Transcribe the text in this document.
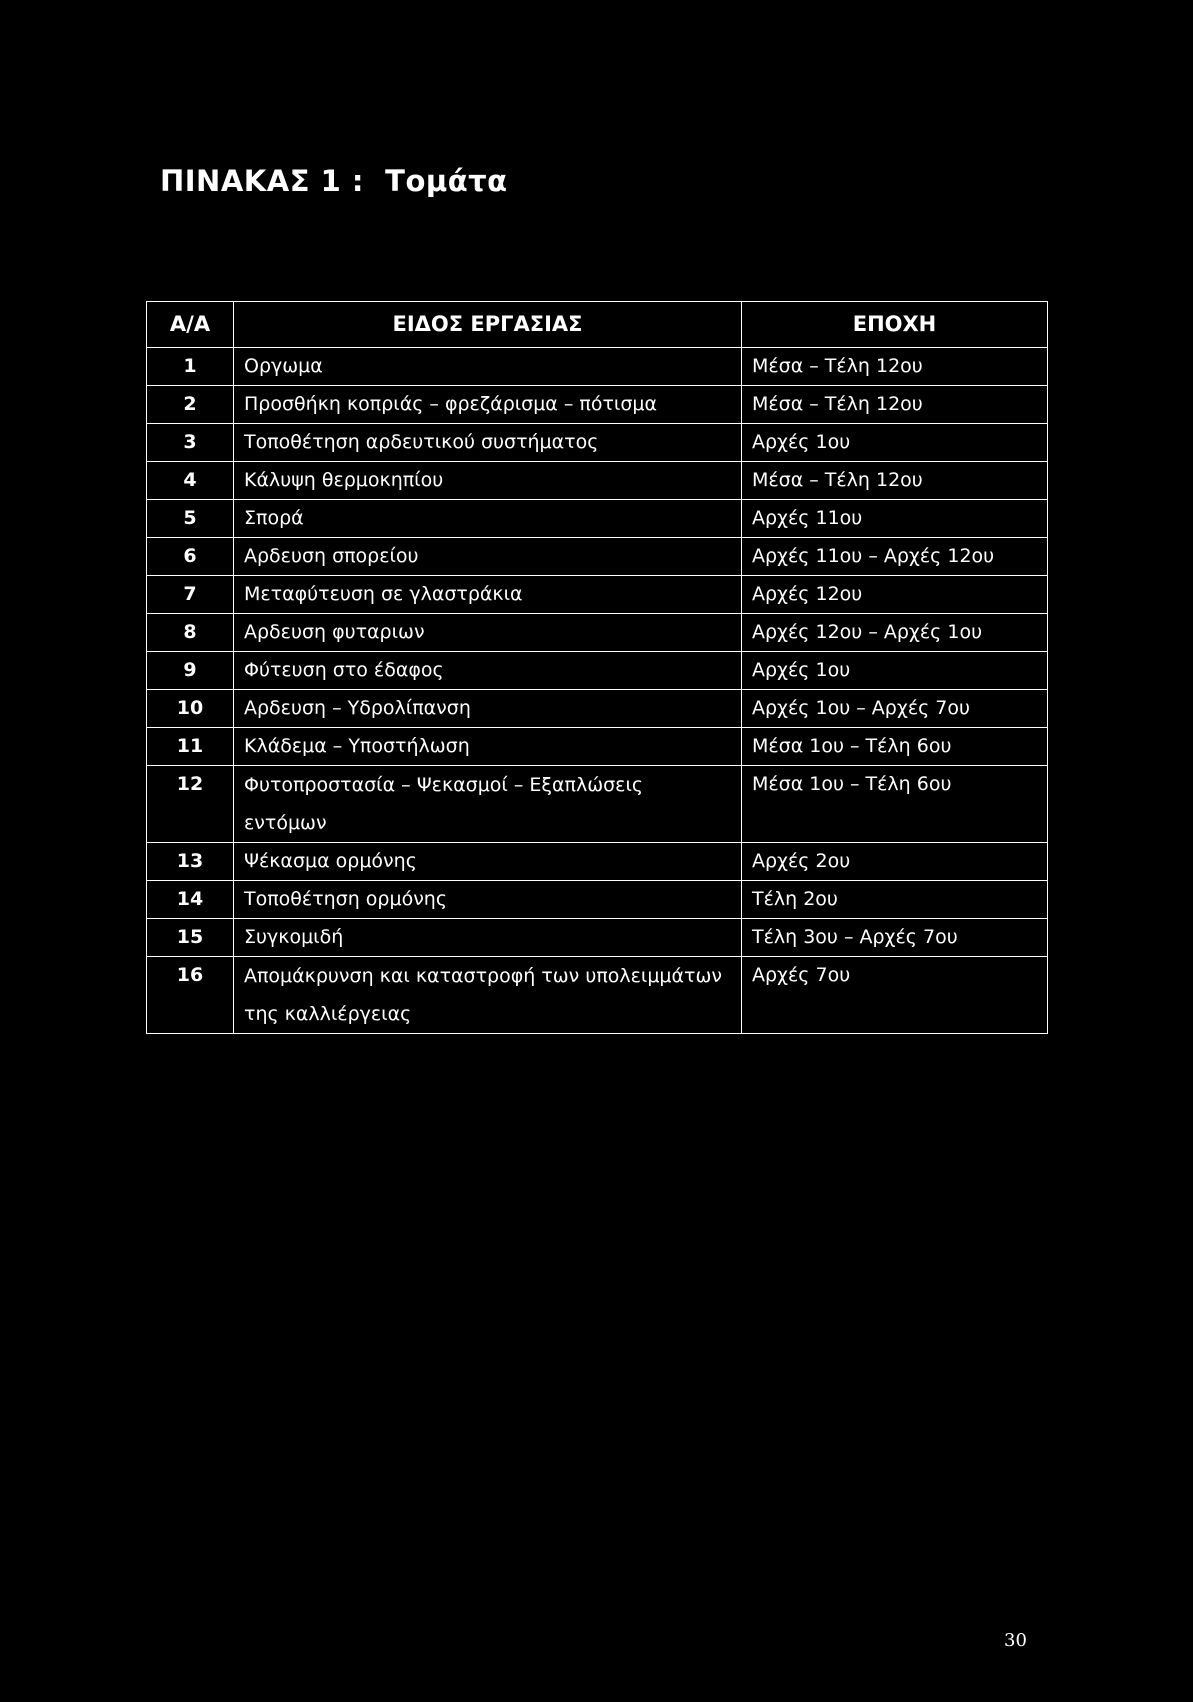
ΠΙΝΑΚΑΣ 1 :  Τομάτα
Α/Α	ΕΙΔΟΣ ΕΡΓΑΣΙΑΣ	ΕΠΟΧΗ
1	Οργωμα	Μέσα – Τέλη 12ου
2	Προσθήκη κοπριάς – φρεζάρισμα – πότισμα	Μέσα – Τέλη 12ου
3	Τοποθέτηση αρδευτικού συστήματος	Αρχές 1ου
4	Κάλυψη θερμοκηπίου	Μέσα – Τέλη 12ου
5	Σπορά	Αρχές 11ου
6	Αρδευση σπορείου	Αρχές 11ου – Αρχές 12ου
7	Μεταφύτευση σε γλαστράκια	Αρχές 12ου
8	Αρδευση φυταριων	Αρχές 12ου – Αρχές 1ου
9	Φύτευση στο έδαφος	Αρχές 1ου
10	Αρδευση – Υδρολίπανση	Αρχές 1ου – Αρχές 7ου
11	Κλάδεμα – Υποστήλωση	Μέσα 1ου – Τέλη 6ου
12	Φυτοπροστασία – Ψεκασμοί – Εξαπλώσεις εντόμων	Μέσα 1ου – Τέλη 6ου
13	Ψέκασμα ορμόνης	Αρχές 2ου
14	Τοποθέτηση ορμόνης	Τέλη 2ου
15	Συγκομιδή	Τέλη 3ου – Αρχές 7ου
16	Απομάκρυνση και καταστροφή των υπολειμμάτων της καλλιέργειας	Αρχές 7ου
30
